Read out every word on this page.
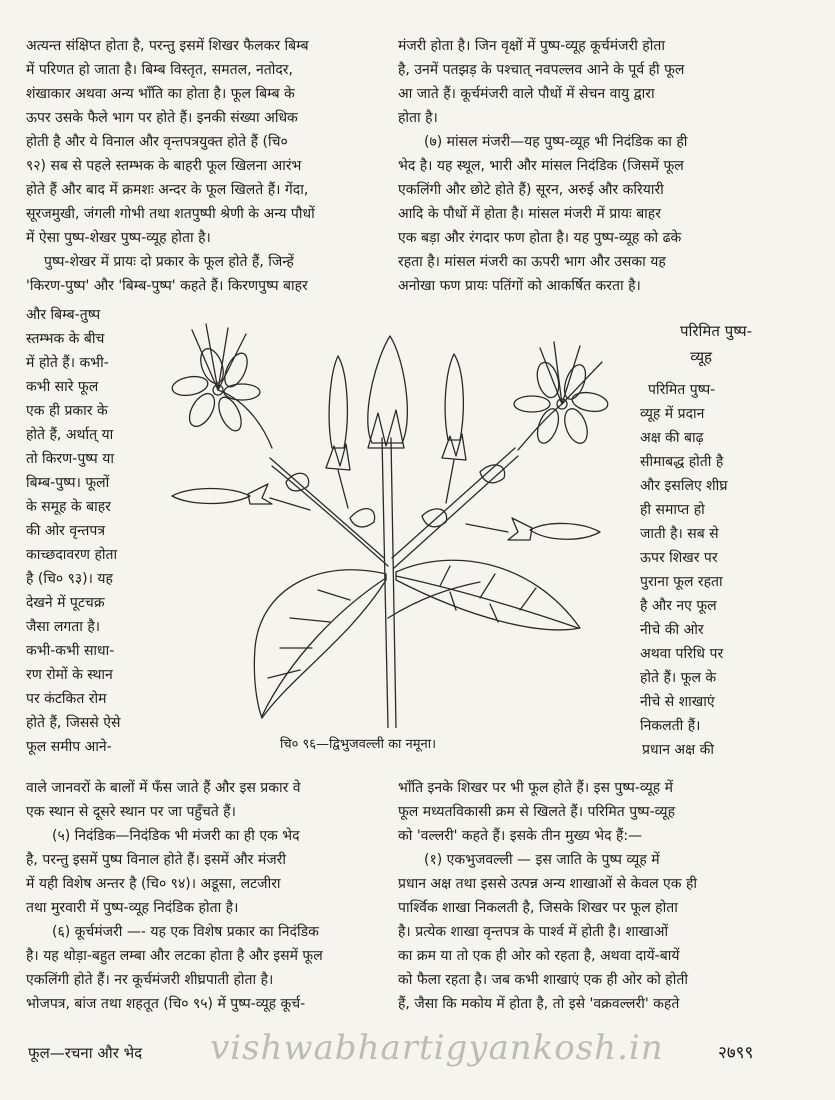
अत्यन्त संक्षिप्त होता है, परन्तु इसमें शिखर फैलकर बिम्ब
में परिणत हो जाता है। बिम्ब विस्तृत, समतल, नतोदर,
शंखाकार अथवा अन्य भाँति का होता है। फूल बिम्ब के
ऊपर उसके फैले भाग पर होते हैं। इनकी संख्या अधिक
होती है और ये विनाल और वृन्तपत्रयुक्त होते हैं (चि०
९२) सब से पहले स्तम्भक के बाहरी फूल खिलना आरंभ
होते हैं और बाद में क्रमशः अन्दर के फूल खिलते हैं। गेंदा,
सूरजमुखी, जंगली गोभी तथा शतपुष्पी श्रेणी के अन्य पौधों
में ऐसा पुष्प-शेखर पुष्प-व्यूह होता है।
पुष्प-शेखर में प्रायः दो प्रकार के फूल होते हैं, जिन्हें
'किरण-पुष्प' और 'बिम्ब-पुष्प' कहते हैं। किरणपुष्प बाहर
और बिम्ब-तुष्प
स्तम्भक के बीच
में होते हैं। कभी-
कभी सारे फूल
एक ही प्रकार के
होते हैं, अर्थात् या
तो किरण-पुष्प या
बिम्ब-पुष्प। फूलों
के समूह के बाहर
की ओर वृन्तपत्र
काच्छदावरण होता
है (चि० ९३)। यह
देखने में पूटचक्र
जैसा लगता है।
कभी-कभी साधा-
रण रोमों के स्थान
पर कंटकित रोम
होते हैं, जिससे ऐसे
फूल समीप आने-
वाले जानवरों के बालों में फँस जाते हैं और इस प्रकार वे
एक स्थान से दूसरे स्थान पर जा पहुँचते हैं।
(५) निदंडिक—निदंडिक भी मंजरी का ही एक भेद
है, परन्तु इसमें पुष्प विनाल होते हैं। इसमें और मंजरी
में यही विशेष अन्तर है (चि० ९४)। अडूसा, लटजीरा
तथा मुरवारी में पुष्प-व्यूह निदंडिक होता है।
(६) कूर्चमंजरी —- यह एक विशेष प्रकार का निदंडिक
है। यह थोड़ा-बहुत लम्बा और लटका होता है और इसमें फूल
एकलिंगी होते हैं। नर कूर्चमंजरी शीघ्रपाती होता है।
भोजपत्र, बांज तथा शहतूत (चि० ९५) में पुष्प-व्यूह कूर्च-
मंजरी होता है। जिन वृक्षों में पुष्प-व्यूह कूर्चमंजरी होता
है, उनमें पतझड़ के पश्चात् नवपल्लव आने के पूर्व ही फूल
आ जाते हैं। कूर्चमंजरी वाले पौधों में सेचन वायु द्वारा
होता है।
(७) मांसल मंजरी—यह पुष्प-व्यूह भी निदंडिक का ही
भेद है। यह स्थूल, भारी और मांसल निदंडिक (जिसमें फूल
एकलिंगी और छोटे होते हैं) सूरन, अरुई और करियारी
आदि के पौधों में होता है। मांसल मंजरी में प्रायः बाहर
एक बड़ा और रंगदार फण होता है। यह पुष्प-व्यूह को ढके
रहता है। मांसल मंजरी का ऊपरी भाग और उसका यह
अनोखा फण प्रायः पतिंगों को आकर्षित करता है।
परिमित पुष्प-
व्यूह
परिमित पुष्प-
व्यूह में प्रदान
अक्ष की बाढ़
सीमाबद्ध होती है
और इसलिए शीघ्र
ही समाप्त हो
जाती है। सब से
ऊपर शिखर पर
पुराना फूल रहता
है और नए फूल
नीचे की ओर
अथवा परिधि पर
होते हैं। फूल के
नीचे से शाखाएं
निकलती हैं।
प्रधान अक्ष की
भाँति इनके शिखर पर भी फूल होते हैं। इस पुष्प-व्यूह में
फूल मध्यतविकासी क्रम से खिलते हैं। परिमित पुष्प-व्यूह
को 'वल्लरी' कहते हैं। इसके तीन मुख्य भेद हैं:—
(१) एकभुजवल्ली — इस जाति के पुष्प व्यूह में
प्रधान अक्ष तथा इससे उत्पन्न अन्य शाखाओं से केवल एक ही
पार्श्विक शाखा निकलती है, जिसके शिखर पर फूल होता
है। प्रत्येक शाखा वृन्तपत्र के पार्श्व में होती है। शाखाओं
का क्रम या तो एक ही ओर को रहता है, अथवा दायें-बायें
को फैला रहता है। जब कभी शाखाएं एक ही ओर को होती
हैं, जैसा कि मकोय में होता है, तो इसे 'वक्रवल्लरी' कहते
चि० ९६—द्विभुजवल्ली का नमूना।
फूल—रचना और भेद vishwabhartigyankosh.in	२७९९
